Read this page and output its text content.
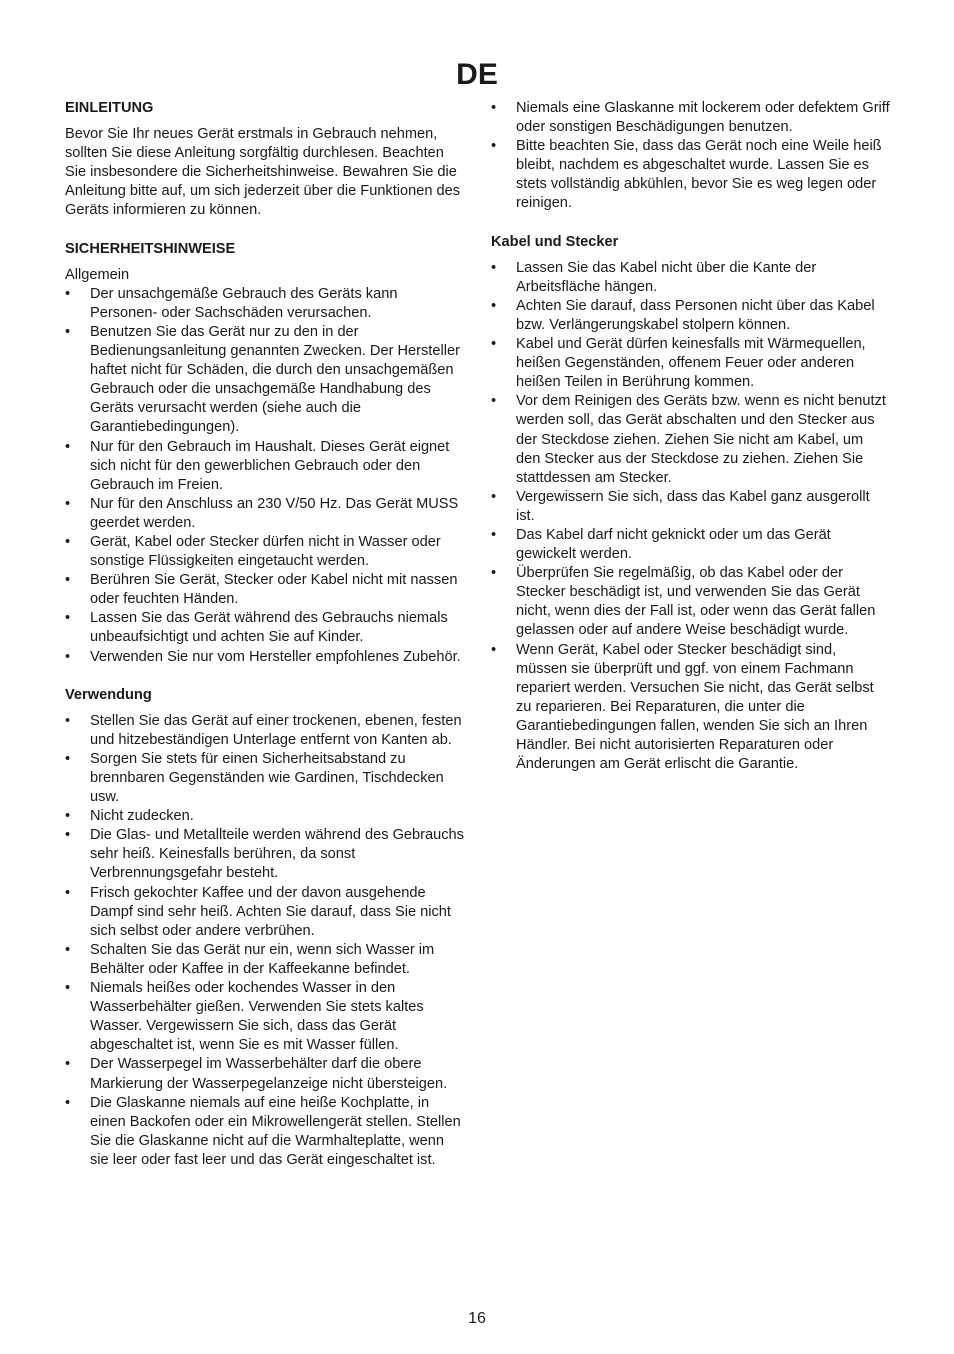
DE
EINLEITUNG

Bevor Sie Ihr neues Gerät erstmals in Gebrauch nehmen, sollten Sie diese Anleitung sorgfältig durchlesen. Beachten Sie insbesondere die Sicherheitshinweise. Bewahren Sie die Anleitung bitte auf, um sich jederzeit über die Funktionen des Geräts informieren zu können.

SICHERHEITSHINWEISE

Allgemein

• Der unsachgemäße Gebrauch des Geräts kann Personen- oder Sachschäden verursachen.
• Benutzen Sie das Gerät nur zu den in der Bedienungsanleitung genannten Zwecken. Der Hersteller haftet nicht für Schäden, die durch den unsachgemäßen Gebrauch oder die unsachgemäße Handhabung des Geräts verursacht werden (siehe auch die Garantiebedingungen).
• Nur für den Gebrauch im Haushalt. Dieses Gerät eignet sich nicht für den gewerblichen Gebrauch oder den Gebrauch im Freien.
• Nur für den Anschluss an 230 V/50 Hz. Das Gerät MUSS geerdet werden.
• Gerät, Kabel oder Stecker dürfen nicht in Wasser oder sonstige Flüssigkeiten eingetaucht werden.
• Berühren Sie Gerät, Stecker oder Kabel nicht mit nassen oder feuchten Händen.
• Lassen Sie das Gerät während des Gebrauchs niemals unbeaufsichtigt und achten Sie auf Kinder.
• Verwenden Sie nur vom Hersteller empfohlenes Zubehör.
Verwendung
• Stellen Sie das Gerät auf einer trockenen, ebenen, festen und hitzebeständigen Unterlage entfernt von Kanten ab.
• Sorgen Sie stets für einen Sicherheitsabstand zu brennbaren Gegenständen wie Gardinen, Tischdecken usw.
• Nicht zudecken.
• Die Glas- und Metallteile werden während des Gebrauchs sehr heiß. Keinesfalls berühren, da sonst Verbrennungsgefahr besteht.
• Frisch gekochter Kaffee und der davon ausgehende Dampf sind sehr heiß. Achten Sie darauf, dass Sie nicht sich selbst oder andere verbrühen.
• Schalten Sie das Gerät nur ein, wenn sich Wasser im Behälter oder Kaffee in der Kaffeekanne befindet.
• Niemals heißes oder kochendes Wasser in den Wasserbehälter gießen. Verwenden Sie stets kaltes Wasser. Vergewissern Sie sich, dass das Gerät abgeschaltet ist, wenn Sie es mit Wasser füllen.
• Der Wasserpegel im Wasserbehälter darf die obere Markierung der Wasserpegelanzeige nicht übersteigen.
• Die Glaskanne niemals auf eine heiße Kochplatte, in einen Backofen oder ein Mikrowellengerät stellen. Stellen Sie die Glaskanne nicht auf die Warmhalteplatte, wenn sie leer oder fast leer und das Gerät eingeschaltet ist.
• Niemals eine Glaskanne mit lockerem oder defektem Griff oder sonstigen Beschädigungen benutzen.
• Bitte beachten Sie, dass das Gerät noch eine Weile heiß bleibt, nachdem es abgeschaltet wurde. Lassen Sie es stets vollständig abkühlen, bevor Sie es weg legen oder reinigen.
Kabel und Stecker
• Lassen Sie das Kabel nicht über die Kante der Arbeitsfläche hängen.
• Achten Sie darauf, dass Personen nicht über das Kabel bzw. Verlängerungskabel stolpern können.
• Kabel und Gerät dürfen keinesfalls mit Wärmequellen, heißen Gegenständen, offenem Feuer oder anderen heißen Teilen in Berührung kommen.
• Vor dem Reinigen des Geräts bzw. wenn es nicht benutzt werden soll, das Gerät abschalten und den Stecker aus der Steckdose ziehen. Ziehen Sie nicht am Kabel, um den Stecker aus der Steckdose zu ziehen. Ziehen Sie stattdessen am Stecker.
• Vergewissern Sie sich, dass das Kabel ganz ausgerollt ist.
• Das Kabel darf nicht geknickt oder um das Gerät gewickelt werden.
• Überprüfen Sie regelmäßig, ob das Kabel oder der Stecker beschädigt ist, und verwenden Sie das Gerät nicht, wenn dies der Fall ist, oder wenn das Gerät fallen gelassen oder auf andere Weise beschädigt wurde.
• Wenn Gerät, Kabel oder Stecker beschädigt sind, müssen sie überprüft und ggf. von einem Fachmann repariert werden. Versuchen Sie nicht, das Gerät selbst zu reparieren. Bei Reparaturen, die unter die Garantiebedingungen fallen, wenden Sie sich an Ihren Händler. Bei nicht autorisierten Reparaturen oder Änderungen am Gerät erlischt die Garantie.
16
